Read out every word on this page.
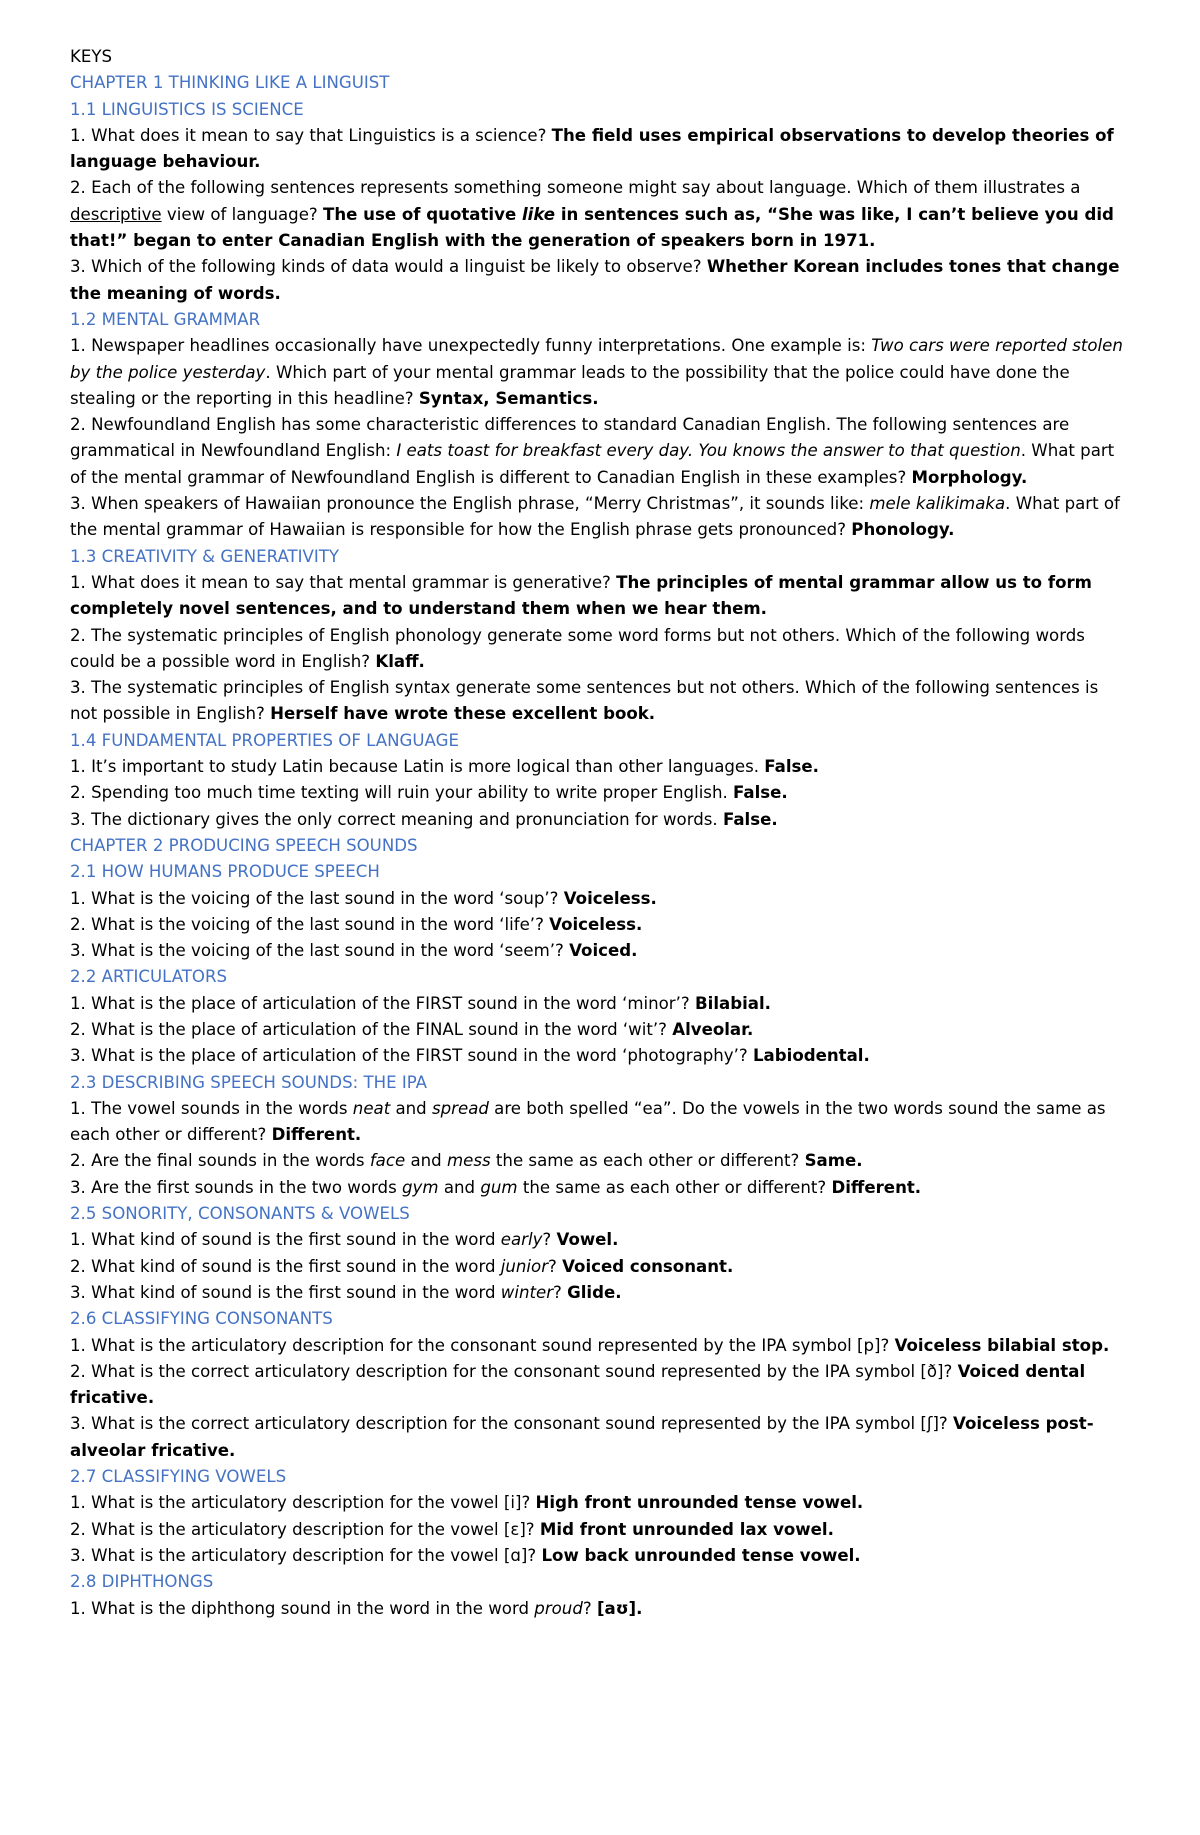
KEYS
CHAPTER 1 THINKING LIKE A LINGUIST
1.1 LINGUISTICS IS SCIENCE

1. What does it mean to say that Linguistics is a science? The field uses empirical observations to develop theories of language behaviour.

2. Each of the following sentences represents something someone might say about language. Which of them illustrates a descriptive view of language? The use of quotative like in sentences such as, “She was like, I can’t believe you did that!” began to enter Canadian English with the generation of speakers born in 1971.

3. Which of the following kinds of data would a linguist be likely to observe? Whether Korean includes tones that change the meaning of words.

1.2 MENTAL GRAMMAR

1. Newspaper headlines occasionally have unexpectedly funny interpretations. One example is: Two cars were reported stolen by the police yesterday. Which part of your mental grammar leads to the possibility that the police could have done the stealing or the reporting in this headline? Syntax, Semantics.

2. Newfoundland English has some characteristic differences to standard Canadian English. The following sentences are grammatical in Newfoundland English: I eats toast for breakfast every day. You knows the answer to that question. What part of the mental grammar of Newfoundland English is different to Canadian English in these examples? Morphology.

3. When speakers of Hawaiian pronounce the English phrase, “Merry Christmas”, it sounds like: mele kalikimaka. What part of the mental grammar of Hawaiian is responsible for how the English phrase gets pronounced? Phonology.

1.3 CREATIVITY & GENERATIVITY

1. What does it mean to say that mental grammar is generative? The principles of mental grammar allow us to form completely novel sentences, and to understand them when we hear them.

2. The systematic principles of English phonology generate some word forms but not others. Which of the following words could be a possible word in English? Klaff.

3. The systematic principles of English syntax generate some sentences but not others. Which of the following sentences is not possible in English? Herself have wrote these excellent book.

1.4 FUNDAMENTAL PROPERTIES OF LANGUAGE

1. It’s important to study Latin because Latin is more logical than other languages. False.

2. Spending too much time texting will ruin your ability to write proper English. False.

3. The dictionary gives the only correct meaning and pronunciation for words. False.

CHAPTER 2 PRODUCING SPEECH SOUNDS
2.1 HOW HUMANS PRODUCE SPEECH

1. What is the voicing of the last sound in the word ‘soup’? Voiceless.

2. What is the voicing of the last sound in the word ‘life’? Voiceless.

3. What is the voicing of the last sound in the word ‘seem’? Voiced.

2.2 ARTICULATORS

1. What is the place of articulation of the FIRST sound in the word ‘minor’? Bilabial.

2. What is the place of articulation of the FINAL sound in the word ‘wit’? Alveolar.

3. What is the place of articulation of the FIRST sound in the word ‘photography’? Labiodental.

2.3 DESCRIBING SPEECH SOUNDS: THE IPA

1. The vowel sounds in the words neat and spread are both spelled “ea”. Do the vowels in the two words sound the same as each other or different? Different.

2. Are the final sounds in the words face and mess the same as each other or different? Same.

3. Are the first sounds in the two words gym and gum the same as each other or different? Different.

2.5 SONORITY, CONSONANTS & VOWELS

1. What kind of sound is the first sound in the word early? Vowel.

2. What kind of sound is the first sound in the word junior? Voiced consonant.

3. What kind of sound is the first sound in the word winter? Glide.

2.6 CLASSIFYING CONSONANTS

1. What is the articulatory description for the consonant sound represented by the IPA symbol [p]? Voiceless bilabial stop.

2. What is the correct articulatory description for the consonant sound represented by the IPA symbol [ð]? Voiced dental fricative.

3. What is the correct articulatory description for the consonant sound represented by the IPA symbol [ʃ]? Voiceless post-alveolar fricative.

2.7 CLASSIFYING VOWELS

1. What is the articulatory description for the vowel [i]? High front unrounded tense vowel.

2. What is the articulatory description for the vowel [ɛ]? Mid front unrounded lax vowel.

3. What is the articulatory description for the vowel [ɑ]? Low back unrounded tense vowel.

2.8 DIPHTHONGS

1. What is the diphthong sound in the word in the word proud? [aʊ].
